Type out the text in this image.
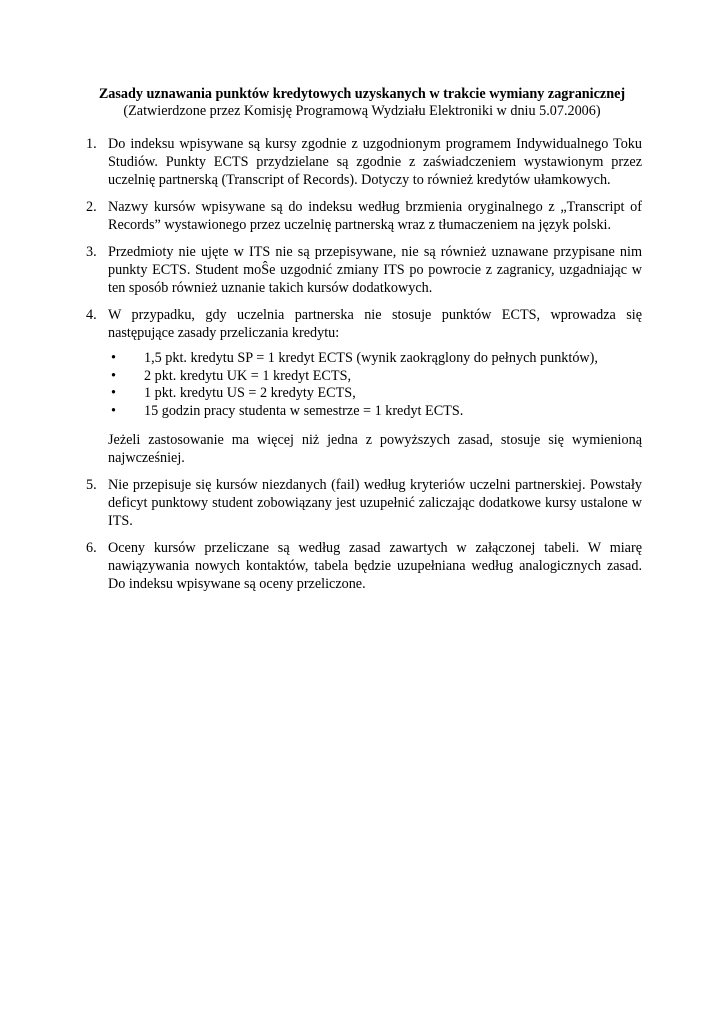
Zasady uznawania punktów kredytowych uzyskanych w trakcie wymiany zagranicznej
(Zatwierdzone przez Komisję Programową Wydziału Elektroniki w dniu 5.07.2006)
1. Do indeksu wpisywane są kursy zgodnie z uzgodnionym programem Indywidualnego Toku Studiów. Punkty ECTS przydzielane są zgodnie z zaświadczeniem wystawionym przez uczelnię partnerską (Transcript of Records). Dotyczy to również kredytów ułamkowych.
2. Nazwy kursów wpisywane są do indeksu według brzmienia oryginalnego z „Transcript of Records” wystawionego przez uczelnię partnerską wraz z tłumaczeniem na język polski.
3. Przedmioty nie ujęte w ITS nie są przepisywane, nie są również uznawane przypisane nim punkty ECTS. Student moŜe uzgodnić zmiany ITS po powrocie z zagranicy, uzgadniając w ten sposób również uznanie takich kursów dodatkowych.
4. W przypadku, gdy uczelnia partnerska nie stosuje punktów ECTS, wprowadza się następujące zasady przeliczania kredytu:
• 1,5 pkt. kredytu SP = 1 kredyt ECTS (wynik zaokrąglony do pełnych punktów),
• 2 pkt. kredytu UK = 1 kredyt ECTS,
• 1 pkt. kredytu US = 2 kredyty ECTS,
• 15 godzin pracy studenta w semestrze = 1 kredyt ECTS.
Jeżeli zastosowanie ma więcej niż jedna z powyższych zasad, stosuje się wymienioną najwcześniej.
5. Nie przepisuje się kursów niezdanych (fail) według kryteriów uczelni partnerskiej. Powstały deficyt punktowy student zobowiązany jest uzupełnić zaliczając dodatkowe kursy ustalone w ITS.
6. Oceny kursów przeliczane są według zasad zawartych w załączonej tabeli. W miarę nawiązywania nowych kontaktów, tabela będzie uzupełniana według analogicznych zasad. Do indeksu wpisywane są oceny przeliczone.
